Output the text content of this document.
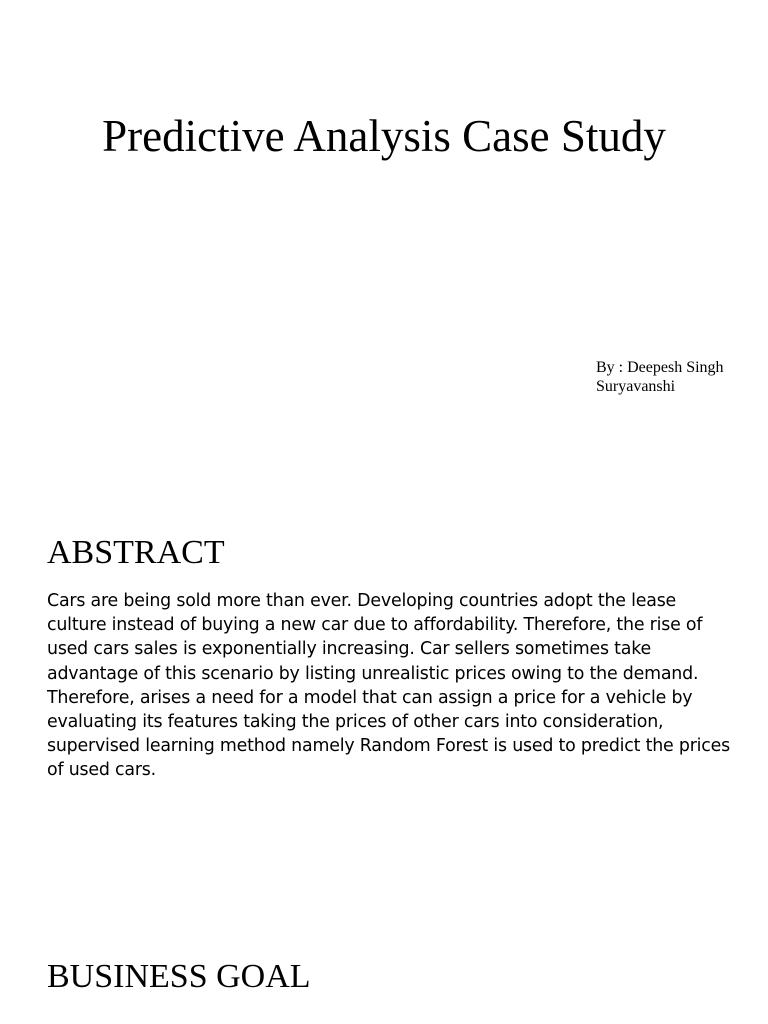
Predictive Analysis Case Study

By : Deepesh Singh Suryavanshi

ABSTRACT

Cars are being sold more than ever. Developing countries adopt the lease culture instead of buying a new car due to affordability. Therefore, the rise of used cars sales is exponentially increasing. Car sellers sometimes take advantage of this scenario by listing unrealistic prices owing to the demand. Therefore, arises a need for a model that can assign a price for a vehicle by evaluating its features taking the prices of other cars into consideration, supervised learning method namely Random Forest is used to predict the prices of used cars.

BUSINESS GOAL
